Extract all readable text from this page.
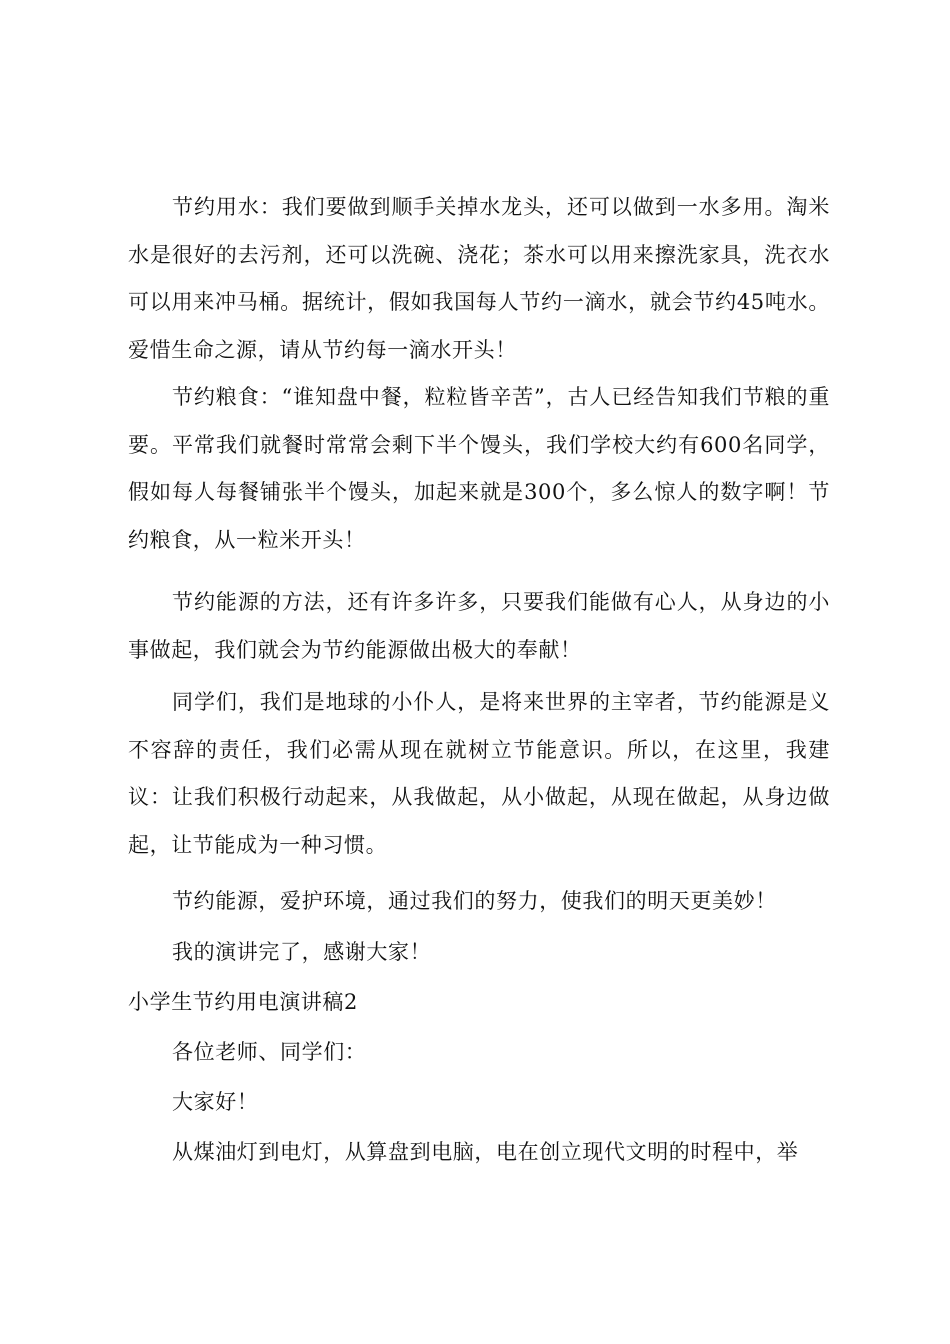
节约用水：我们要做到顺手关掉水龙头，还可以做到一水多用。淘米水是很好的去污剂，还可以洗碗、浇花；茶水可以用来擦洗家具，洗衣水可以用来冲马桶。据统计，假如我国每人节约一滴水，就会节约45吨水。爱惜生命之源，请从节约每一滴水开头！

节约粮食：“谁知盘中餐，粒粒皆辛苦”，古人已经告知我们节粮的重要。平常我们就餐时常常会剩下半个馒头，我们学校大约有600名同学，假如每人每餐铺张半个馒头，加起来就是300个，多么惊人的数字啊！节约粮食，从一粒米开头！

节约能源的方法，还有许多许多，只要我们能做有心人，从身边的小事做起，我们就会为节约能源做出极大的奉献！

同学们，我们是地球的小仆人，是将来世界的主宰者，节约能源是义不容辞的责任，我们必需从现在就树立节能意识。所以，在这里，我建议：让我们积极行动起来，从我做起，从小做起，从现在做起，从身边做起，让节能成为一种习惯。

节约能源，爱护环境，通过我们的努力，使我们的明天更美妙！

我的演讲完了，感谢大家！

小学生节约用电演讲稿2

各位老师、同学们：

大家好！

从煤油灯到电灯，从算盘到电脑，电在创立现代文明的时程中，举
